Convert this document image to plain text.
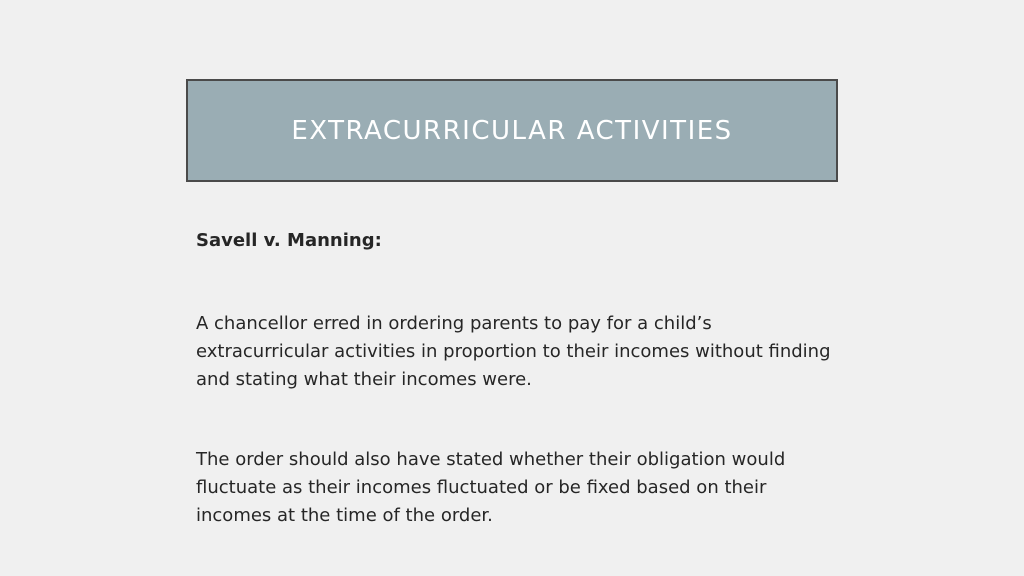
EXTRACURRICULAR ACTIVITIES

Savell v. Manning:

A chancellor erred in ordering parents to pay for a child’s extracurricular activities in proportion to their incomes without finding and stating what their incomes were.

The order should also have stated whether their obligation would fluctuate as their incomes fluctuated or be fixed based on their incomes at the time of the order.
